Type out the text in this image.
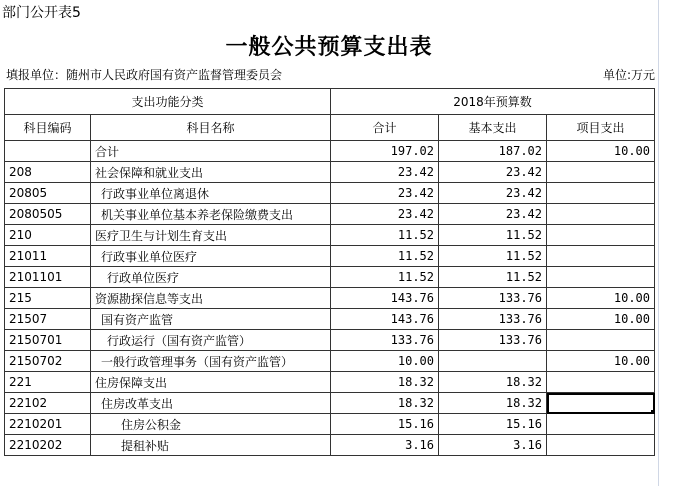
部门公开表5
一般公共预算支出表
填报单位：随州市人民政府国有资产监督管理委员会	单位:万元
支出功能分类		2018年预算数		
科目编码	科目名称	合计	基本支出	项目支出
	合计	197.02	187.02	10.00
208	社会保障和就业支出	23.42	23.42	
20805	行政事业单位离退休	23.42	23.42	
2080505	机关事业单位基本养老保险缴费支出	23.42	23.42	
210	医疗卫生与计划生育支出	11.52	11.52	
21011	行政事业单位医疗	11.52	11.52	
2101101	行政单位医疗	11.52	11.52	
215	资源勘探信息等支出	143.76	133.76	10.00
21507	国有资产监管	143.76	133.76	10.00
2150701	行政运行（国有资产监管）	133.76	133.76	
2150702	一般行政管理事务（国有资产监管）	10.00		10.00
221	住房保障支出	18.32	18.32	
22102	住房改革支出	18.32	18.32	

2210201	住房公积金	15.16	15.16	
2210202	提租补贴	3.16	3.16	
